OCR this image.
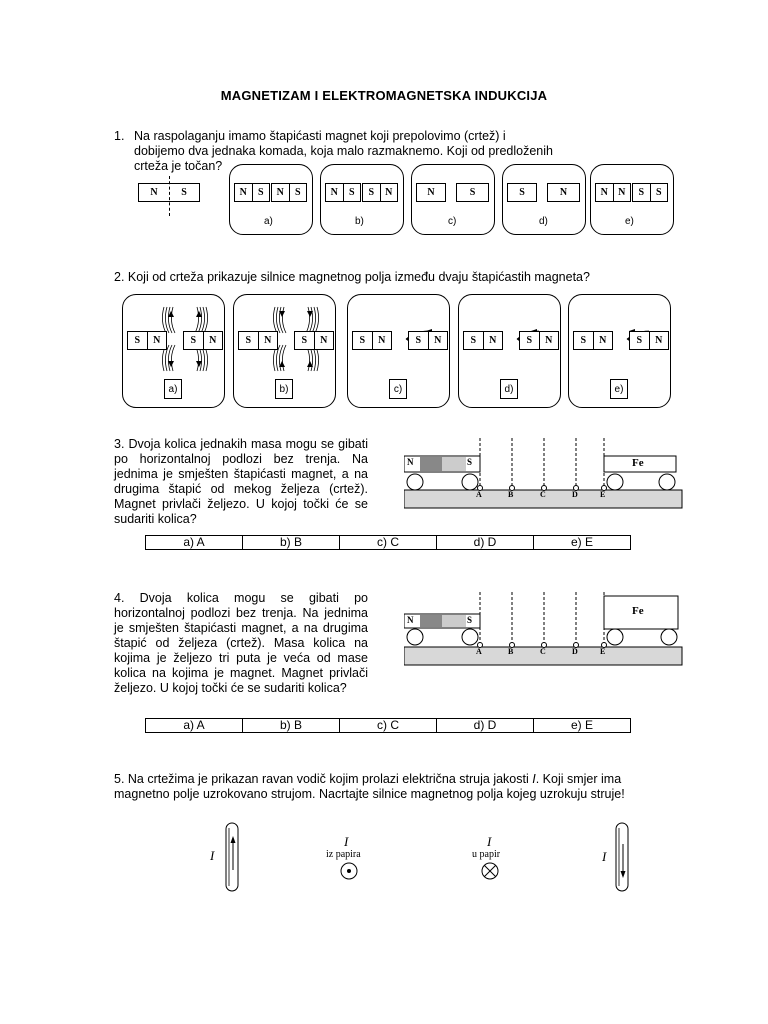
MAGNETIZAM I ELEKTROMAGNETSKA INDUKCIJA
1. Na raspolaganju imamo štapićasti magnet koji prepolovimo (crtež) i dobijemo dva jednaka komada, koja malo razmaknemo. Koji od predloženih crteža je točan?
N	S	N	S	N	S
a)
N	S	S	N
b)
N	S
c)
S	N
d)
N	N	S	S
e)
2. Koji od crteža prikazuje silnice magnetnog polja između dvaju štapićastih magneta?
S	N	S	N
a)
S	N	S	N
b)
S	N	S	N
c)
S	N	S	N
d)
S	N	S	N
e)
3. Dvoja kolica jednakih masa mogu se gibati po horizontalnoj podlozi bez trenja. Na jednima je smješten štapićasti magnet, a na drugima štapić od mekog željeza (crtež). Magnet privlači željezo. U kojoj točki će se sudariti kolica?
N	S	Fe
A	B	C	D	E
a) A	b) B	c) C	d) D	e) E
4. Dvoja kolica mogu se gibati po horizontalnoj podlozi bez trenja. Na jednima je smješten štapićasti magnet, a na drugima štapić od željeza (crtež). Masa kolica na kojima je željezo tri puta je veća od mase kolica na kojima je magnet. Magnet privlači željezo. U kojoj točki će se sudariti kolica?
N	S
Fe
A	B	C	D	E
a) A	b) B	c) C	d) D	e) E
5. Na crtežima je prikazan ravan vodič kojim prolazi električna struja jakosti I. Koji smjer ima magnetno polje uzrokovano strujom. Nacrtajte silnice magnetnog polja kojeg uzrokuju struje!
I
I
iz papira
I
u papir	I
